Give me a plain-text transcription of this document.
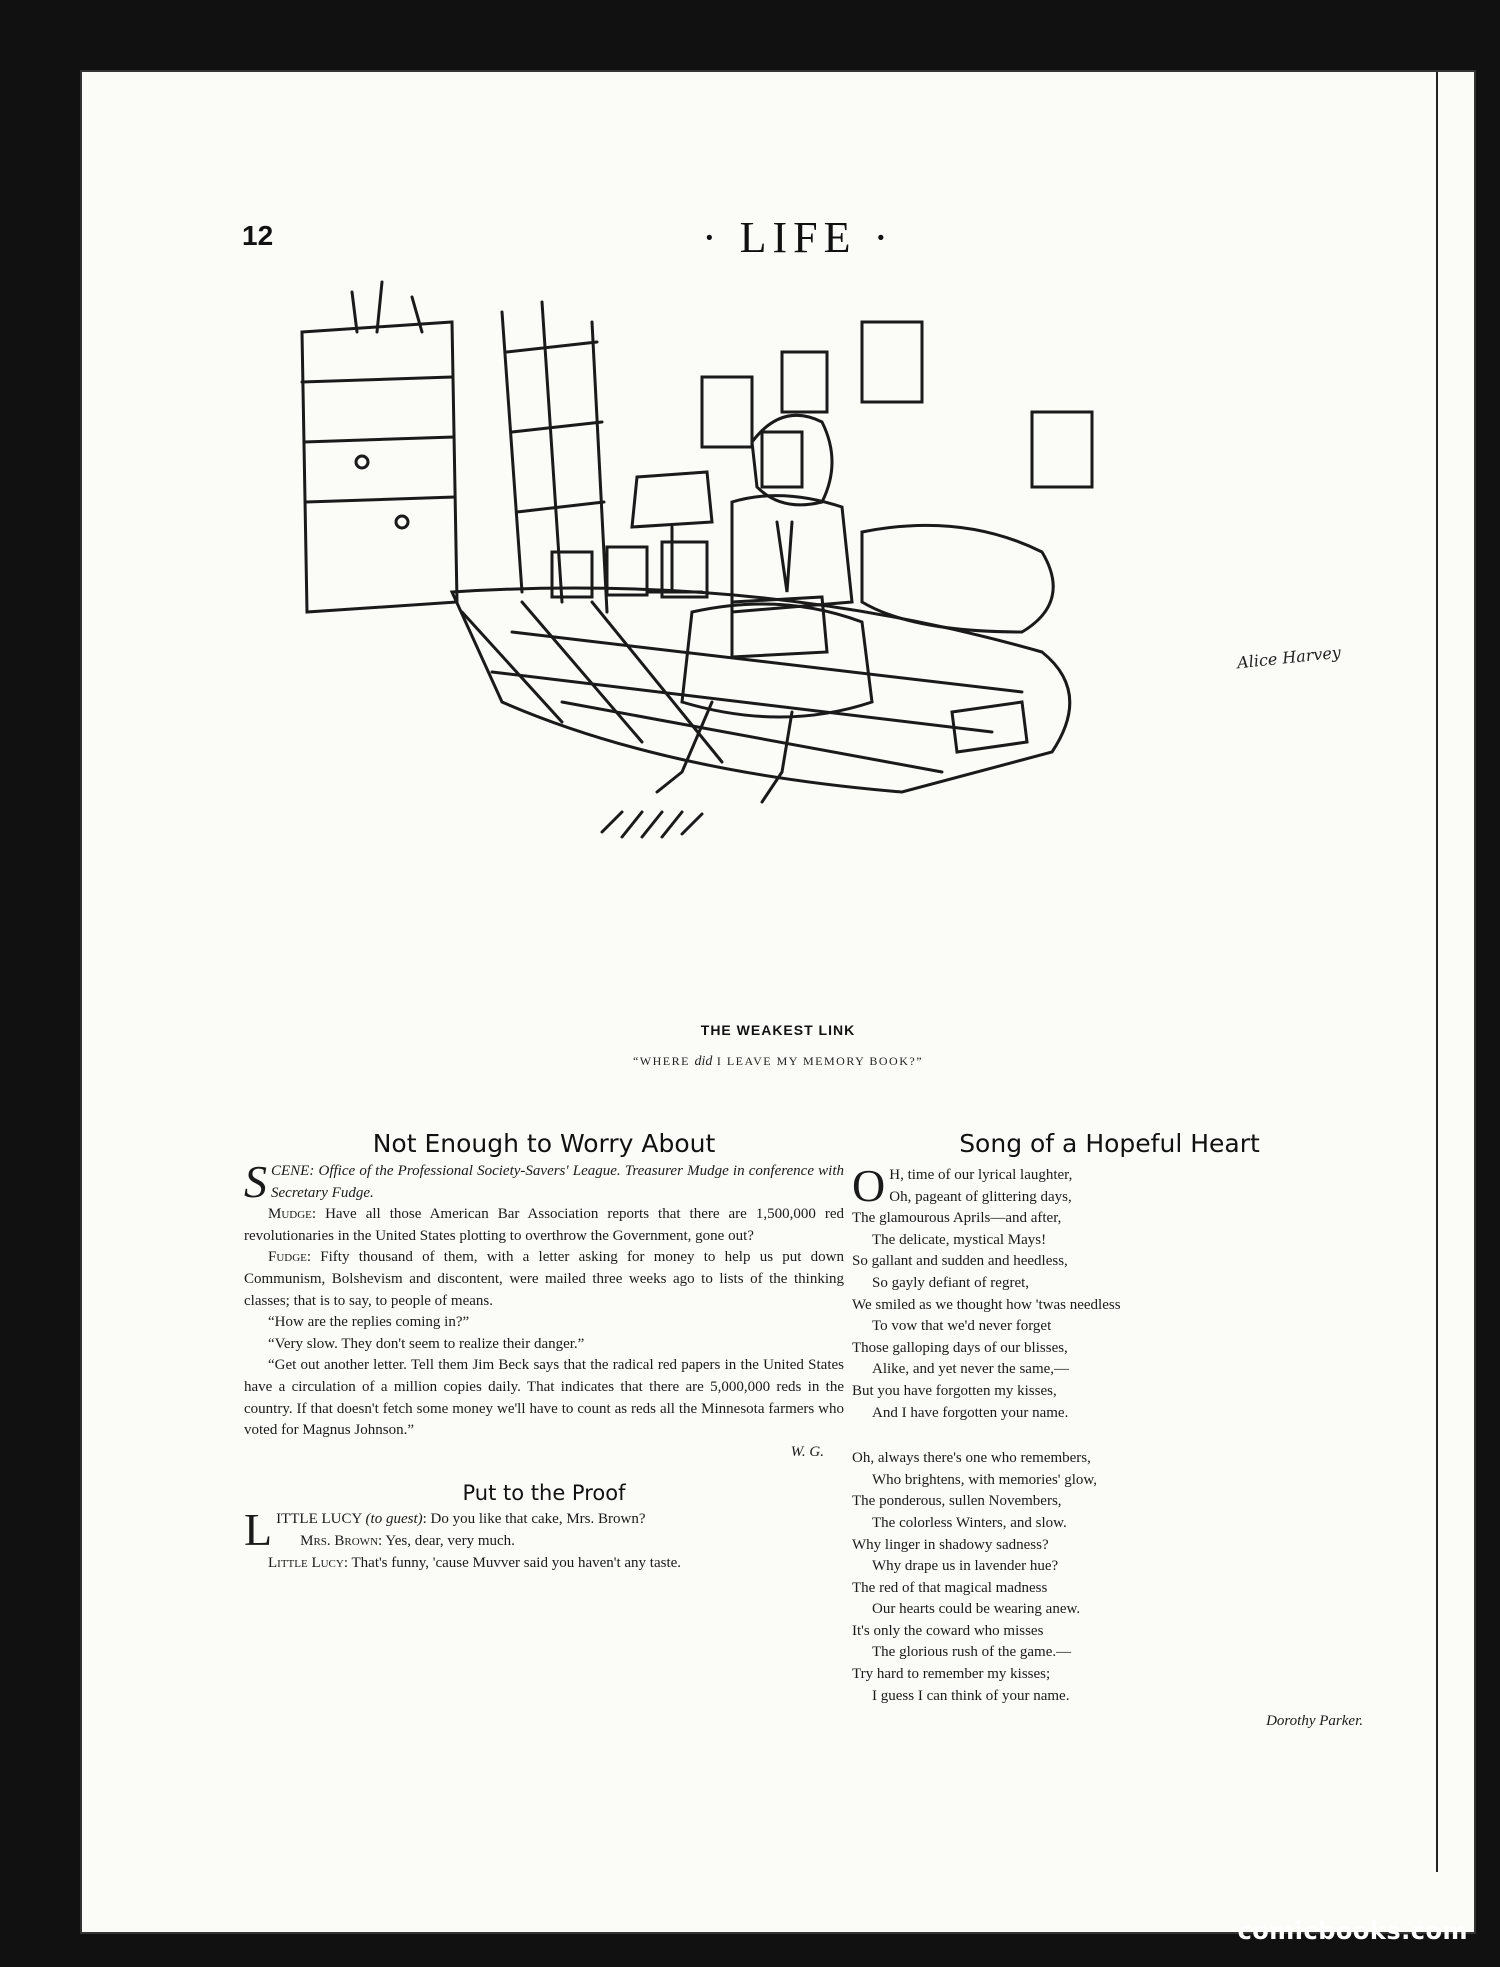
12	· LIFE ·
Alice Harvey
THE WEAKEST LINK
“WHERE did I LEAVE MY MEMORY BOOK?”
Not Enough to Worry About

SCENE: Office of the Professional Society-Savers' League. Treasurer Mudge in conference with Secretary Fudge.

Mudge: Have all those American Bar Association reports that there are 1,500,000 red revolutionaries in the United States plotting to overthrow the Government, gone out?

Fudge: Fifty thousand of them, with a letter asking for money to help us put down Communism, Bolshevism and discontent, were mailed three weeks ago to lists of the thinking classes; that is to say, to people of means.

“How are the replies coming in?”

“Very slow. They don't seem to realize their danger.”

“Get out another letter. Tell them Jim Beck says that the radical red papers in the United States have a circulation of a million copies daily. That indicates that there are 5,000,000 reds in the country. If that doesn't fetch some money we'll have to count as reds all the Minnesota farmers who voted for Magnus Johnson.”

W. G.

Put to the Proof

LITTLE LUCY (to guest): Do you like that cake, Mrs. Brown?

Mrs. Brown: Yes, dear, very much.

Little Lucy: That's funny, 'cause Muvver said you haven't any taste.

Song of a Hopeful Heart
O H, time of our lyrical laughter,
Oh, pageant of glittering days,
The glamourous Aprils—and after,
The delicate, mystical Mays!
So gallant and sudden and heedless,
So gayly defiant of regret,
We smiled as we thought how 'twas needless
To vow that we'd never forget
Those galloping days of our blisses,
Alike, and yet never the same,—
But you have forgotten my kisses,
And I have forgotten your name.
Oh, always there's one who remembers,
Who brightens, with memories' glow,
The ponderous, sullen Novembers,
The colorless Winters, and slow.
Why linger in shadowy sadness?
Why drape us in lavender hue?
The red of that magical madness
Our hearts could be wearing anew.
It's only the coward who misses
The glorious rush of the game.—
Try hard to remember my kisses;
I guess I can think of your name.
Dorothy Parker.
comicbooks.com
